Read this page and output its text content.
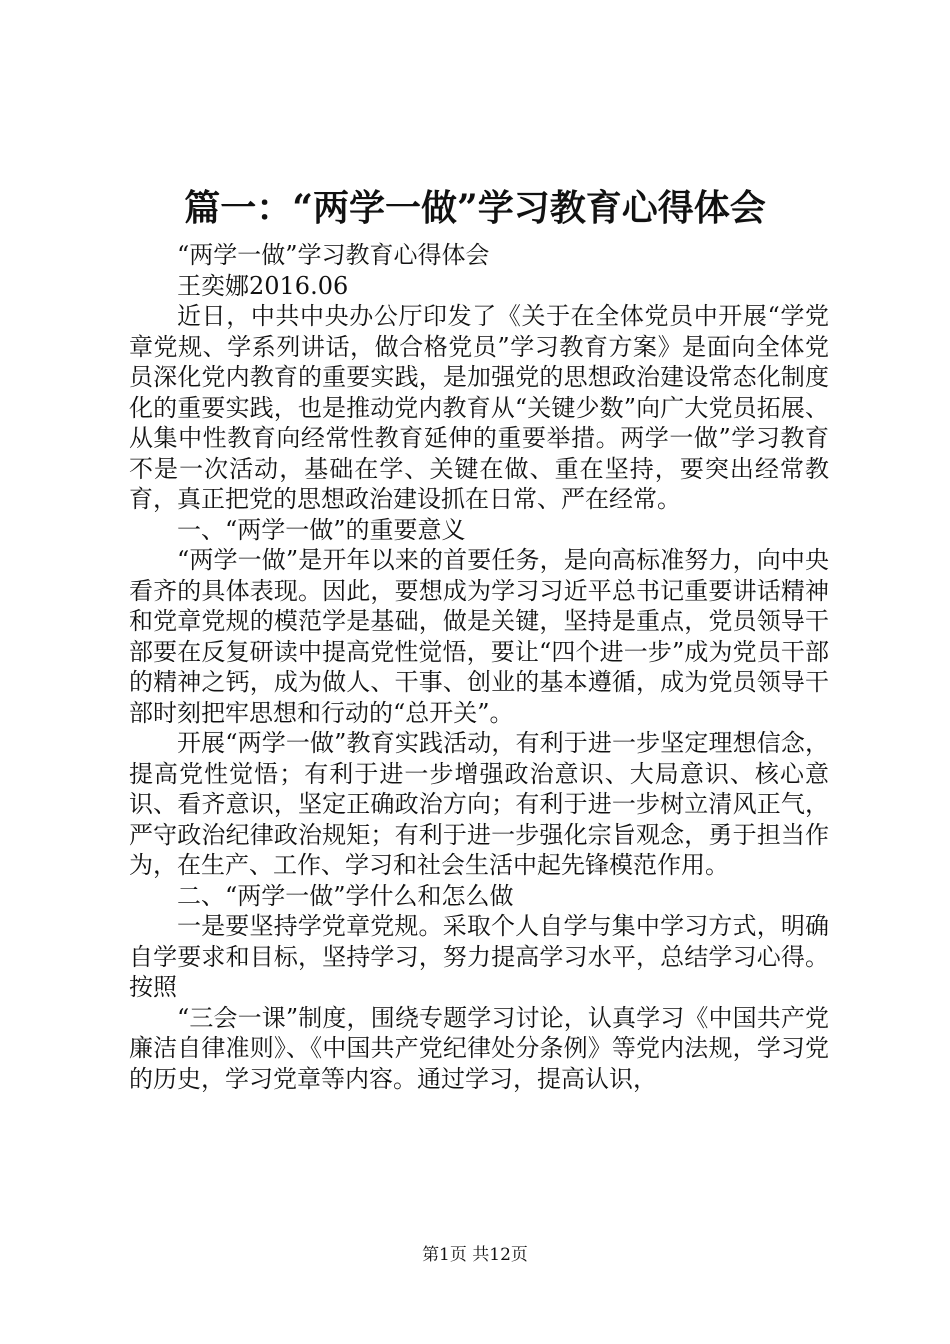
篇一：“两学一做”学习教育心得体会

“两学一做”学习教育心得体会

王奕娜2016.06

近日，中共中央办公厅印发了《关于在全体党员中开展“学党章党规、学系列讲话，做合格党员”学习教育方案》是面向全体党员深化党内教育的重要实践，是加强党的思想政治建设常态化制度化的重要实践，也是推动党内教育从“关键少数”向广大党员拓展、从集中性教育向经常性教育延伸的重要举措。两学一做”学习教育不是一次活动，基础在学、关键在做、重在坚持，要突出经常教育，真正把党的思想政治建设抓在日常、严在经常。

一、“两学一做”的重要意义

“两学一做”是开年以来的首要任务，是向高标准努力，向中央看齐的具体表现。因此，要想成为学习习近平总书记重要讲话精神和党章党规的模范学是基础，做是关键，坚持是重点，党员领导干部要在反复研读中提高党性觉悟，要让“四个进一步”成为党员干部的精神之钙，成为做人、干事、创业的基本遵循，成为党员领导干部时刻把牢思想和行动的“总开关”。

开展“两学一做”教育实践活动，有利于进一步坚定理想信念，提高党性觉悟；有利于进一步增强政治意识、大局意识、核心意识、看齐意识，坚定正确政治方向；有利于进一步树立清风正气，严守政治纪律政治规矩；有利于进一步强化宗旨观念，勇于担当作为，在生产、工作、学习和社会生活中起先锋模范作用。

二、“两学一做”学什么和怎么做

一是要坚持学党章党规。采取个人自学与集中学习方式，明确自学要求和目标，坚持学习，努力提高学习水平，总结学习心得。按照

“三会一课”制度，围绕专题学习讨论，认真学习《中国共产党廉洁自律准则》、《中国共产党纪律处分条例》等党内法规，学习党的历史，学习党章等内容。通过学习，提高认识，

第1页 共12页
